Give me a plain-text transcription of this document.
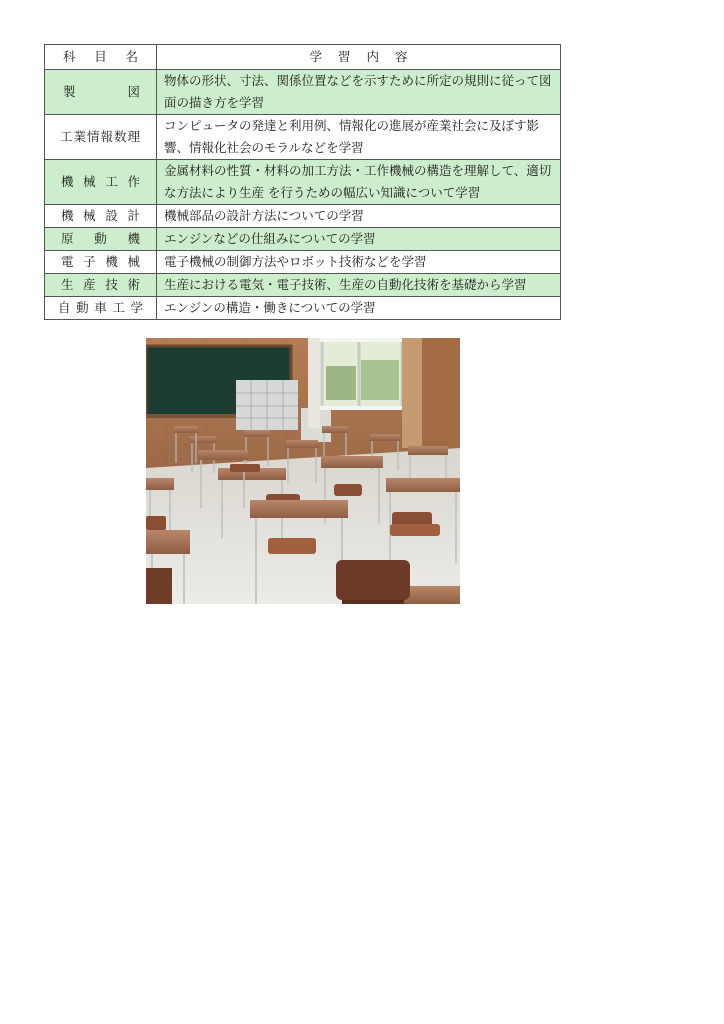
科 目 名	学 習 内 容

製 図	物体の形状、寸法、関係位置などを示すために所定の規則に従って図面の描き方を学習

工業情報数理	コンピュータの発達と利用例、情報化の進展が産業社会に及ぼす影響、情報化社会のモラルなどを学習

機 械 工 作	金属材料の性質・材料の加工方法・工作機械の構造を理解して、適切な方法により生産 を行うための幅広い知識について学習

機 械 設 計	機械部品の設計方法についての学習

原 動 機	エンジンなどの仕組みについての学習

電 子 機 械	電子機械の制御方法やロボット技術などを学習

生 産 技 術	生産における電気・電子技術、生産の自動化技術を基礎から学習

自 動 車 工 学	エンジンの構造・働きについての学習
